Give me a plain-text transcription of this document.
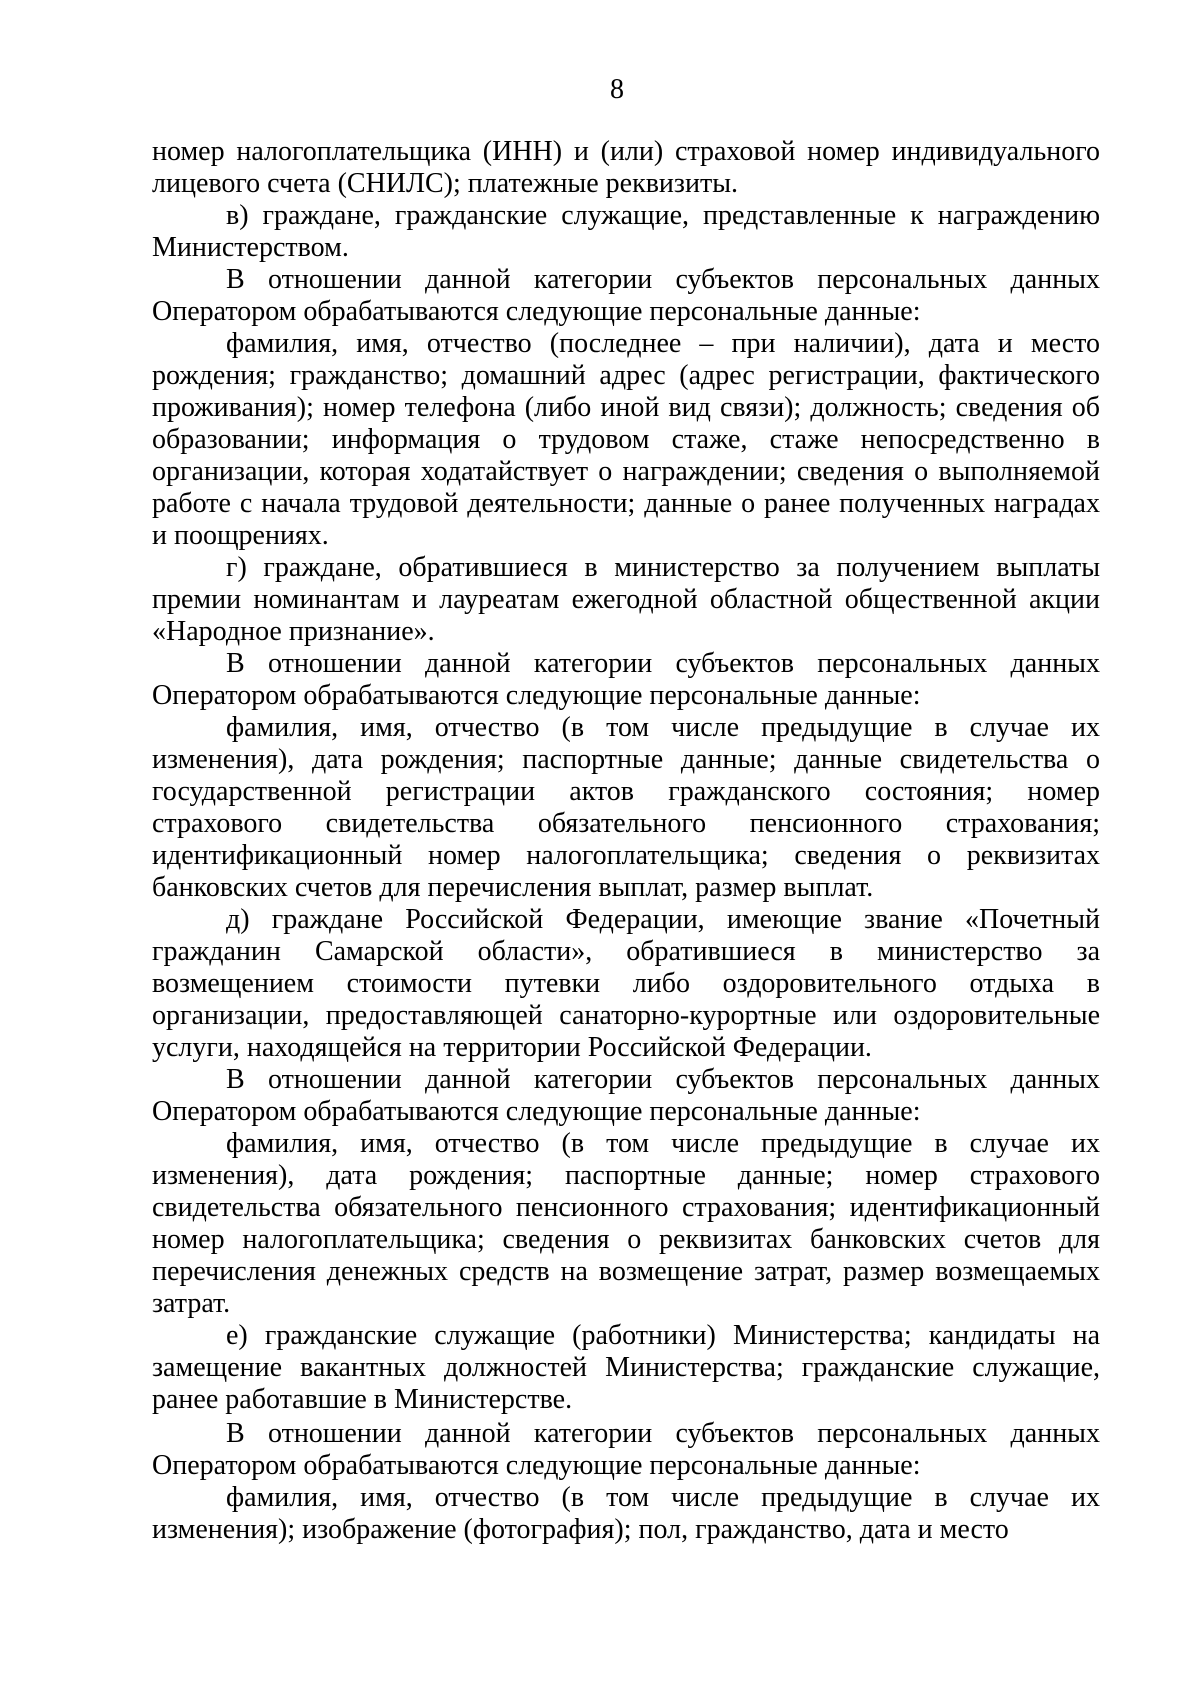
8

номер налогоплательщика (ИНН) и (или) страховой номер индивидуального лицевого счета (СНИЛС); платежные реквизиты.

в) граждане, гражданские служащие, представленные к награждению Министерством.

В отношении данной категории субъектов персональных данных Оператором обрабатываются следующие персональные данные:

фамилия, имя, отчество (последнее – при наличии), дата и место рождения; гражданство; домашний адрес (адрес регистрации, фактического проживания); номер телефона (либо иной вид связи); должность; сведения об образовании; информация о трудовом стаже, стаже непосредственно в организации, которая ходатайствует о награждении; сведения о выполняемой работе с начала трудовой деятельности; данные о ранее полученных наградах и поощрениях.

г) граждане, обратившиеся в министерство за получением выплаты премии номинантам и лауреатам ежегодной областной общественной акции «Народное признание».

В отношении данной категории субъектов персональных данных Оператором обрабатываются следующие персональные данные:

фамилия, имя, отчество (в том числе предыдущие в случае их изменения), дата рождения; паспортные данные; данные свидетельства о государственной регистрации актов гражданского состояния; номер страхового свидетельства обязательного пенсионного страхования; идентификационный номер налогоплательщика; сведения о реквизитах банковских счетов для перечисления выплат, размер выплат.

д) граждане Российской Федерации, имеющие звание «Почетный гражданин Самарской области», обратившиеся в министерство за возмещением стоимости путевки либо оздоровительного отдыха в организации, предоставляющей санаторно-курортные или оздоровительные услуги, находящейся на территории Российской Федерации.

В отношении данной категории субъектов персональных данных Оператором обрабатываются следующие персональные данные:

фамилия, имя, отчество (в том числе предыдущие в случае их изменения), дата рождения; паспортные данные; номер страхового свидетельства обязательного пенсионного страхования; идентификационный номер налогоплательщика; сведения о реквизитах банковских счетов для перечисления денежных средств на возмещение затрат, размер возмещаемых затрат.

е) гражданские служащие (работники) Министерства; кандидаты на замещение вакантных должностей Министерства; гражданские служащие, ранее работавшие в Министерстве.

В отношении данной категории субъектов персональных данных Оператором обрабатываются следующие персональные данные:

фамилия, имя, отчество (в том числе предыдущие в случае их изменения); изображение (фотография); пол, гражданство, дата и место
